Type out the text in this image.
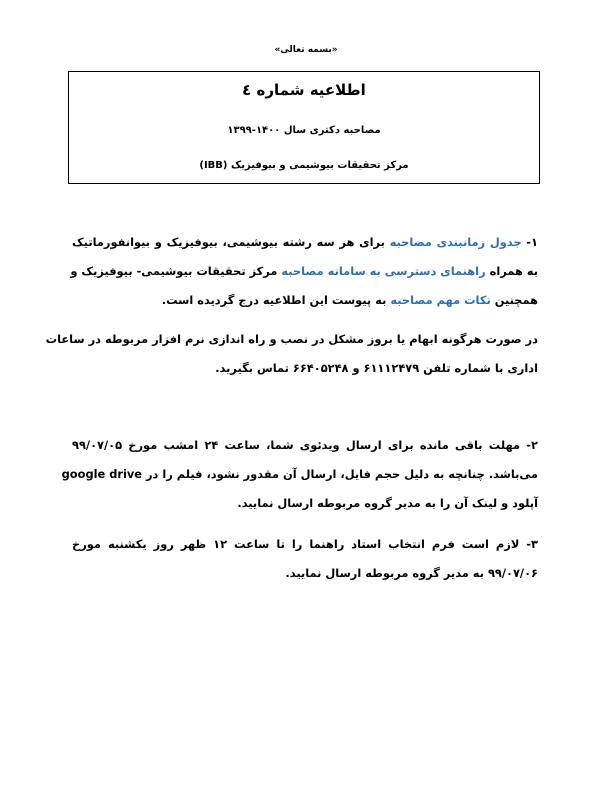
«بسمه تعالی»
اطلاعیه شماره ٤
مصاحبه دکتری سال ۱۴۰۰-۱۳۹۹
مرکز تحقیقات بیوشیمی و بیوفیزیک (IBB)
۱- جدول زمانبندی مصاحبه برای هر سه رشته بیوشیمی، بیوفیزیک و بیوانفورماتیک
به همراه راهنمای دسترسی به سامانه مصاحبه مرکز تحقیقات بیوشیمی- بیوفیزیک و
همچنین نکات مهم مصاحبه به پیوست این اطلاعیه درج گردیده است.
در صورت هرگونه ابهام یا بروز مشکل در نصب و راه اندازی نرم افزار مربوطه در ساعات
اداری با شماره تلفن ۶۱۱۱۲۴۷۹ و ۶۶۴۰۵۲۴۸ تماس بگیرید.
۲- مهلت باقی مانده برای ارسال ویدئوی شما، ساعت ۲۴ امشب مورخ ۹۹/۰۷/۰۵
می‌باشد. چنانچه به دلیل حجم فایل، ارسال آن مقدور نشود، فیلم را در google drive
آپلود و لینک آن را به مدیر گروه مربوطه ارسال نمایید.
۳- لازم است فرم انتخاب استاد راهنما را تا ساعت ۱۲ ظهر روز یکشنبه مورخ
۹۹/۰۷/۰۶ به مدیر گروه مربوطه ارسال نمایید.
